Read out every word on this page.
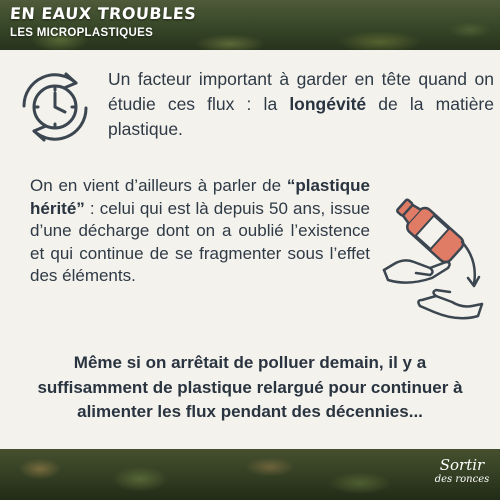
EN EAUX TROUBLES
LES MICROPLASTIQUES
Un facteur important à garder en tête quand on étudie ces flux : la longévité de la matière plastique.
On en vient d’ailleurs à parler de “plastique hérité” : celui qui est là depuis 50 ans, issue d’une décharge dont on a oublié l’existence et qui continue de se fragmenter sous l’effet des éléments.
Même si on arrêtait de polluer demain, il y a suffisamment de plastique relargué pour continuer à alimenter les flux pendant des décennies...
Sortir
des ronces
